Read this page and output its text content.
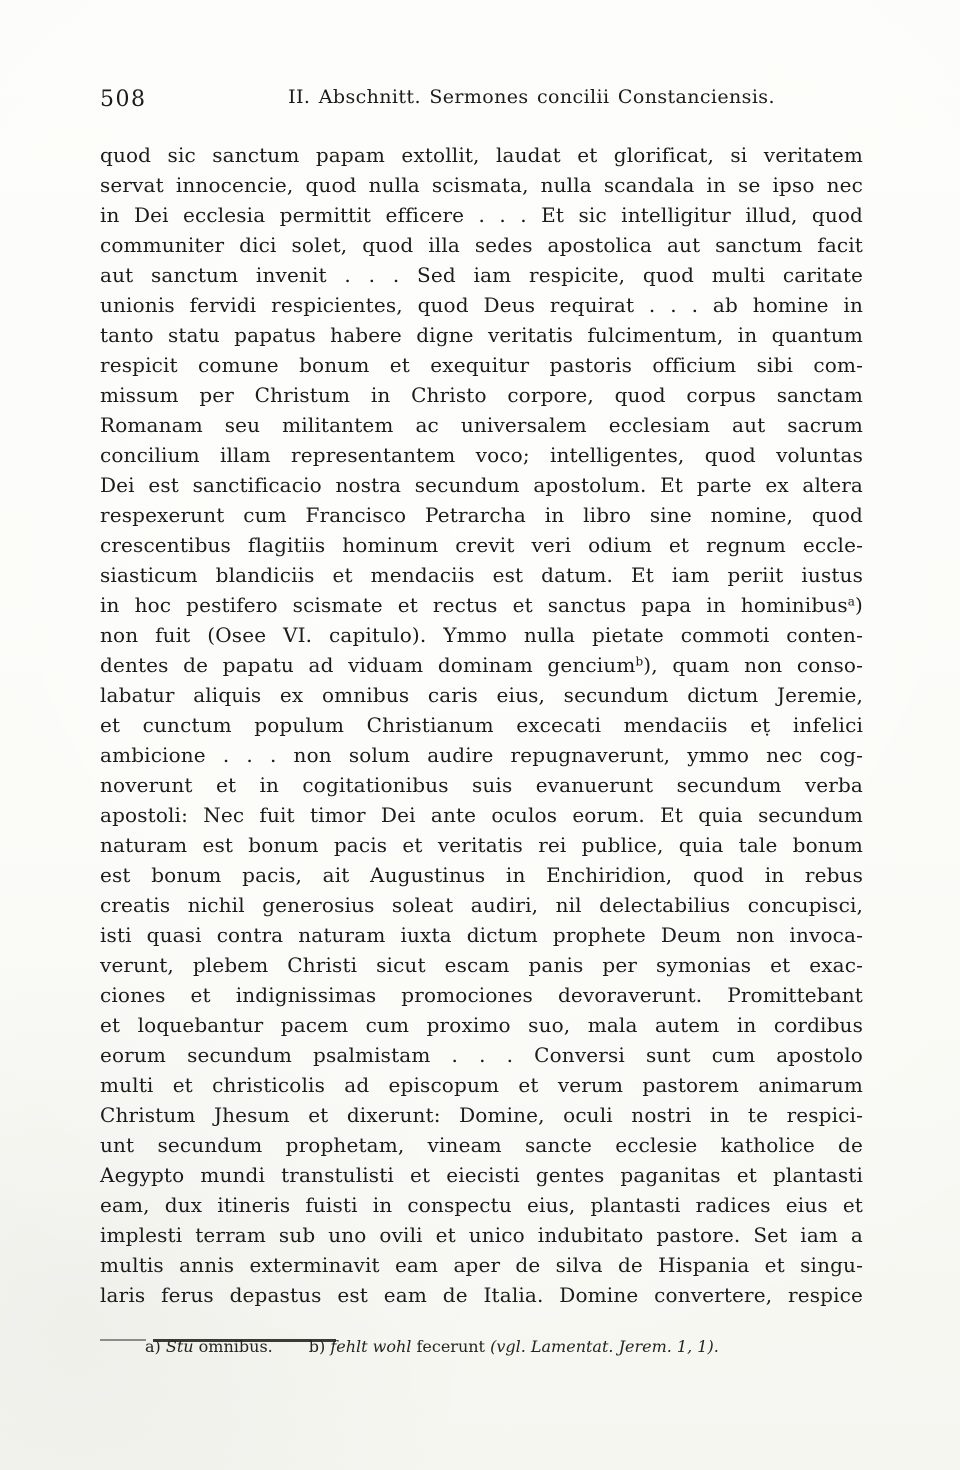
508	II. Abschnitt. Sermones concilii Constanciensis.
quod sic sanctum papam extollit, laudat et glorificat, si veritatem
servat innocencie, quod nulla scismata, nulla scandala in se ipso nec
in Dei ecclesia permittit efficere . . . Et sic intelligitur illud, quod
communiter dici solet, quod illa sedes apostolica aut sanctum facit
aut sanctum invenit . . . Sed iam respicite, quod multi caritate
unionis fervidi respicientes, quod Deus requirat . . . ab homine in
tanto statu papatus habere digne veritatis fulcimentum, in quantum
respicit comune bonum et exequitur pastoris officium sibi com-
missum per Christum in Christo corpore, quod corpus sanctam
Romanam seu militantem ac universalem ecclesiam aut sacrum
concilium illam representantem voco; intelligentes, quod voluntas
Dei est sanctificacio nostra secundum apostolum. Et parte ex altera
respexerunt cum Francisco Petrarcha in libro sine nomine, quod
crescentibus flagitiis hominum crevit veri odium et regnum eccle-
siasticum blandiciis et mendaciis est datum. Et iam periit iustus
in hoc pestifero scismate et rectus et sanctus papa in hominibus$^a$)
non fuit (Osee VI. capitulo). Ymmo nulla pietate commoti conten-
dentes de papatu ad viduam dominam gencium$^b$), quam non conso-
labatur aliquis ex omnibus caris eius, secundum dictum Jeremie,
et cunctum populum Christianum excecati mendaciis eṭ infelici
ambicione . . . non solum audire repugnaverunt, ymmo nec cog-
noverunt et in cogitationibus suis evanuerunt secundum verba
apostoli: Nec fuit timor Dei ante oculos eorum. Et quia secundum
naturam est bonum pacis et veritatis rei publice, quia tale bonum
est bonum pacis, ait Augustinus in Enchiridion, quod in rebus
creatis nichil generosius soleat audiri, nil delectabilius concupisci,
isti quasi contra naturam iuxta dictum prophete Deum non invoca-
verunt, plebem Christi sicut escam panis per symonias et exac-
ciones et indignissimas promociones devoraverunt. Promittebant
et loquebantur pacem cum proximo suo, mala autem in cordibus
eorum secundum psalmistam . . . Conversi sunt cum apostolo
multi et christicolis ad episcopum et verum pastorem animarum
Christum Jhesum et dixerunt: Domine, oculi nostri in te respici-
unt secundum prophetam, vineam sancte ecclesie katholice de
Aegypto mundi transtulisti et eiecisti gentes paganitas et plantasti
eam, dux itineris fuisti in conspectu eius, plantasti radices eius et
implesti terram sub uno ovili et unico indubitato pastore. Set iam a
multis annis exterminavit eam aper de silva de Hispania et singu-
laris ferus depastus est eam de Italia. Domine convertere, respice
a) Stu omnibus. b) fehlt wohl fecerunt (vgl. Lamentat. Jerem. 1, 1).
